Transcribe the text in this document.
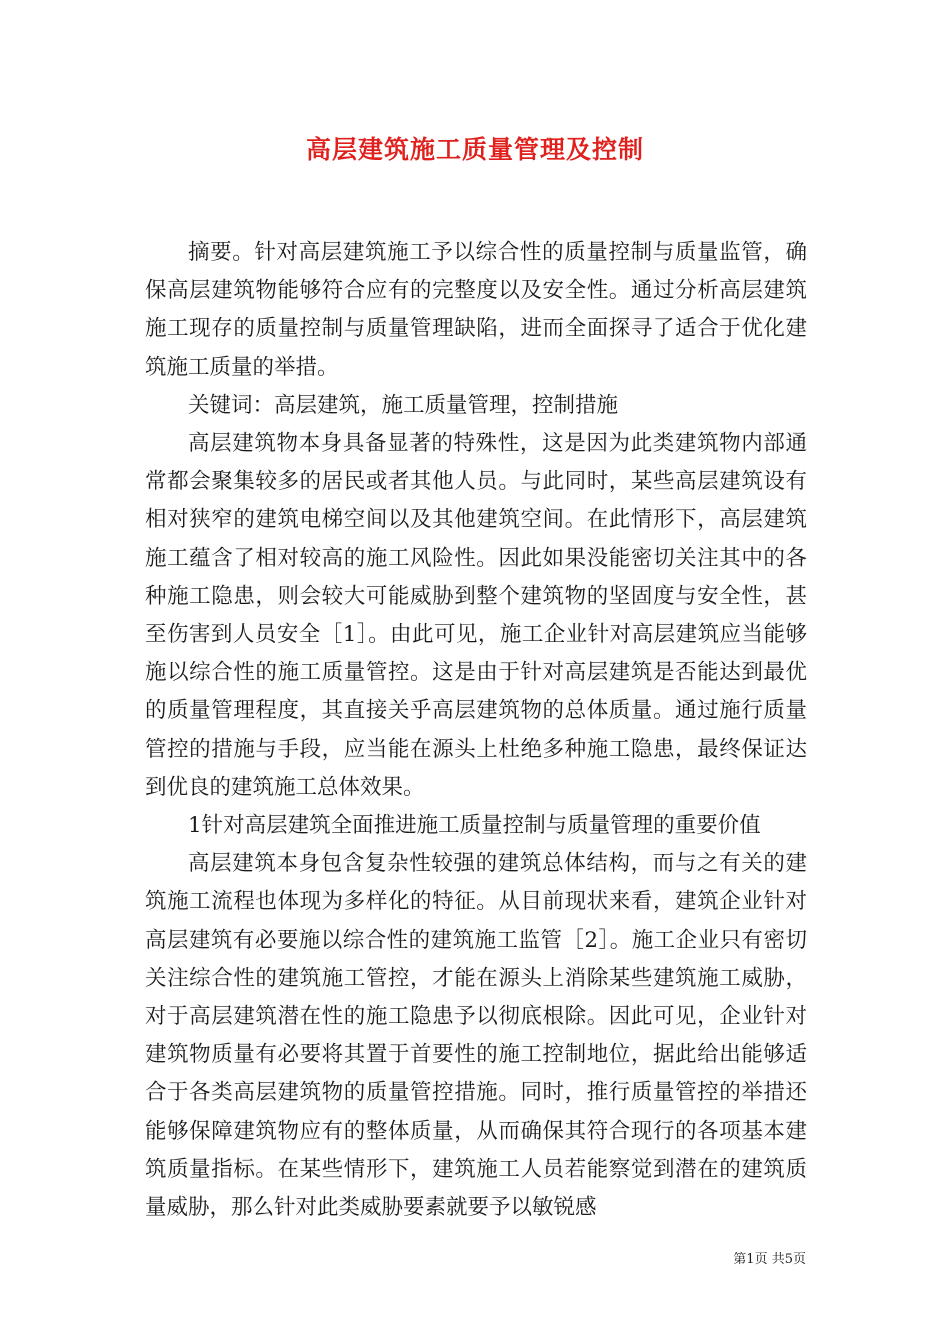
高层建筑施工质量管理及控制

摘要。针对高层建筑施工予以综合性的质量控制与质量监管，确保高层建筑物能够符合应有的完整度以及安全性。通过分析高层建筑施工现存的质量控制与质量管理缺陷，进而全面探寻了适合于优化建筑施工质量的举措。

关键词：高层建筑，施工质量管理，控制措施

高层建筑物本身具备显著的特殊性，这是因为此类建筑物内部通常都会聚集较多的居民或者其他人员。与此同时，某些高层建筑设有相对狭窄的建筑电梯空间以及其他建筑空间。在此情形下，高层建筑施工蕴含了相对较高的施工风险性。因此如果没能密切关注其中的各种施工隐患，则会较大可能威胁到整个建筑物的坚固度与安全性，甚至伤害到人员安全［1］。由此可见，施工企业针对高层建筑应当能够施以综合性的施工质量管控。这是由于针对高层建筑是否能达到最优的质量管理程度，其直接关乎高层建筑物的总体质量。通过施行质量管控的措施与手段，应当能在源头上杜绝多种施工隐患，最终保证达到优良的建筑施工总体效果。

1针对高层建筑全面推进施工质量控制与质量管理的重要价值

高层建筑本身包含复杂性较强的建筑总体结构，而与之有关的建筑施工流程也体现为多样化的特征。从目前现状来看，建筑企业针对高层建筑有必要施以综合性的建筑施工监管［2］。施工企业只有密切关注综合性的建筑施工管控，才能在源头上消除某些建筑施工威胁，对于高层建筑潜在性的施工隐患予以彻底根除。因此可见，企业针对建筑物质量有必要将其置于首要性的施工控制地位，据此给出能够适合于各类高层建筑物的质量管控措施。同时，推行质量管控的举措还能够保障建筑物应有的整体质量，从而确保其符合现行的各项基本建筑质量指标。在某些情形下，建筑施工人员若能察觉到潜在的建筑质量威胁，那么针对此类威胁要素就要予以敏锐感

第1页 共5页
